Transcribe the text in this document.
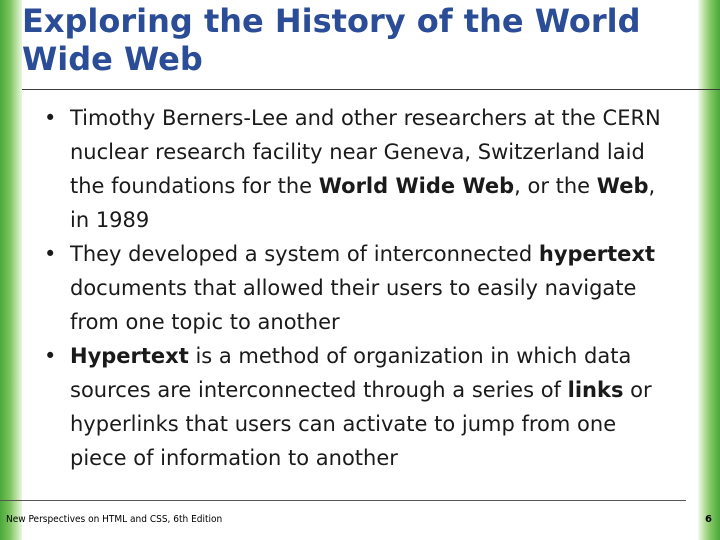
Exploring the History of the World Wide Web
• Timothy Berners-Lee and other researchers at the CERN nuclear research facility near Geneva, Switzerland laid the foundations for the World Wide Web, or the Web, in 1989
• They developed a system of interconnected hypertext documents that allowed their users to easily navigate from one topic to another
• Hypertext is a method of organization in which data sources are interconnected through a series of links or hyperlinks that users can activate to jump from one piece of information to another
New Perspectives on HTML and CSS, 6th Edition	6
